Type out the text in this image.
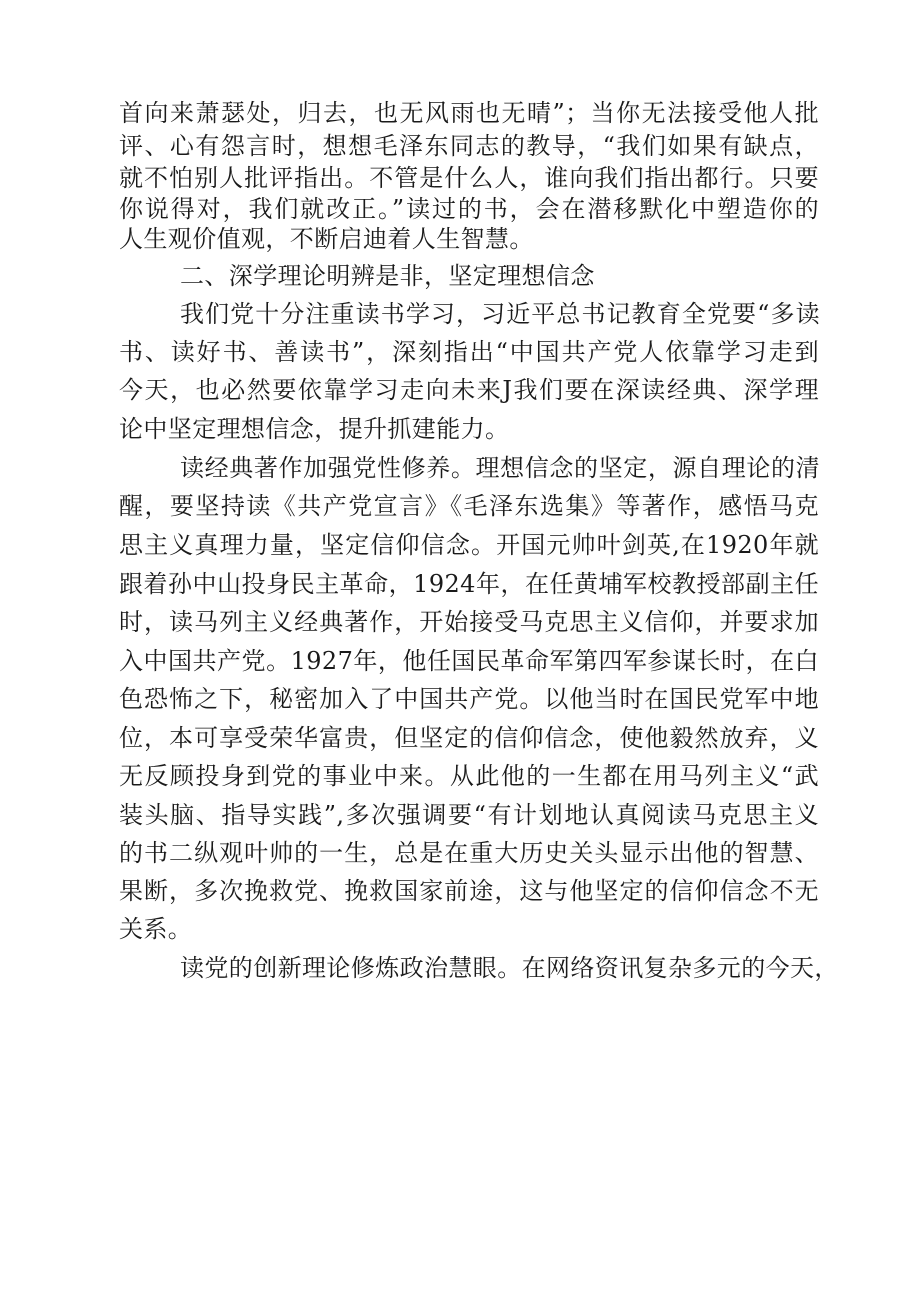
首向来萧瑟处，归去，也无风雨也无晴”；当你无法接受他人批
评、心有怨言时，想想毛泽东同志的教导，“我们如果有缺点，
就不怕别人批评指出。不管是什么人，谁向我们指出都行。只要
你说得对，我们就改正。”读过的书，会在潜移默化中塑造你的
人生观价值观，不断启迪着人生智慧。
二、深学理论明辨是非，坚定理想信念
我们党十分注重读书学习，习近平总书记教育全党要“多读
书、读好书、善读书”，深刻指出“中国共产党人依靠学习走到
今天，也必然要依靠学习走向未来J我们要在深读经典、深学理
论中坚定理想信念，提升抓建能力。
读经典著作加强党性修养。理想信念的坚定，源自理论的清
醒，要坚持读《共产党宣言》《毛泽东选集》等著作，感悟马克
思主义真理力量，坚定信仰信念。开国元帅叶剑英,在1920年就
跟着孙中山投身民主革命，1924年，在任黄埔军校教授部副主任
时，读马列主义经典著作，开始接受马克思主义信仰，并要求加
入中国共产党。1927年，他任国民革命军第四军参谋长时，在白
色恐怖之下，秘密加入了中国共产党。以他当时在国民党军中地
位，本可享受荣华富贵，但坚定的信仰信念，使他毅然放弃，义
无反顾投身到党的事业中来。从此他的一生都在用马列主义“武
装头脑、指导实践”,多次强调要“有计划地认真阅读马克思主义
的书二纵观叶帅的一生，总是在重大历史关头显示出他的智慧、
果断，多次挽救党、挽救国家前途，这与他坚定的信仰信念不无
关系。
读党的创新理论修炼政治慧眼。在网络资讯复杂多元的今天，
